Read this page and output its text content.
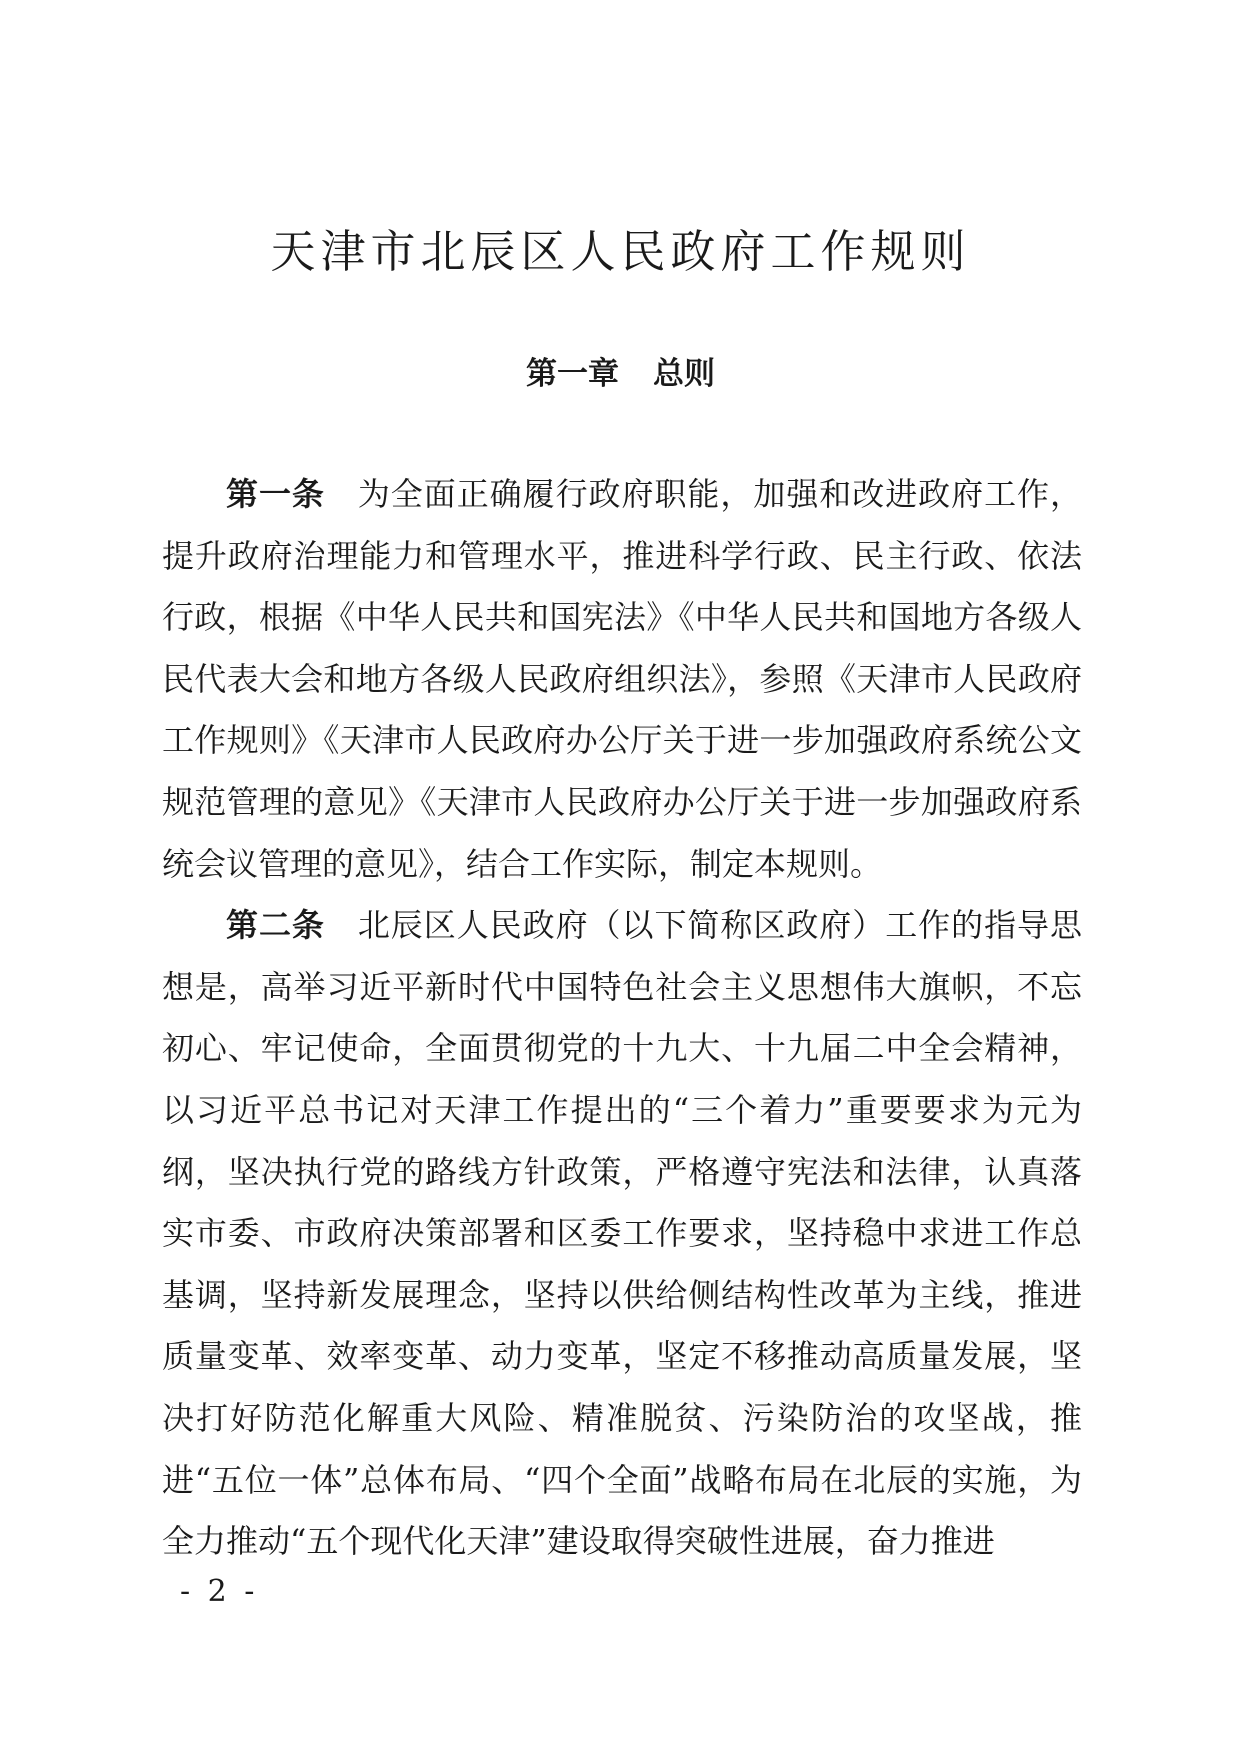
天津市北辰区人民政府工作规则
第一章 总则

第一条 为全面正确履行政府职能，加强和改进政府工作，提升政府治理能力和管理水平，推进科学行政、民主行政、依法行政，根据《中华人民共和国宪法》《中华人民共和国地方各级人民代表大会和地方各级人民政府组织法》，参照《天津市人民政府工作规则》《天津市人民政府办公厅关于进一步加强政府系统公文规范管理的意见》《天津市人民政府办公厅关于进一步加强政府系统会议管理的意见》，结合工作实际，制定本规则。

第二条 北辰区人民政府（以下简称区政府）工作的指导思想是，高举习近平新时代中国特色社会主义思想伟大旗帜，不忘初心、牢记使命，全面贯彻党的十九大、十九届二中全会精神，以习近平总书记对天津工作提出的“三个着力”重要要求为元为纲，坚决执行党的路线方针政策，严格遵守宪法和法律，认真落实市委、市政府决策部署和区委工作要求，坚持稳中求进工作总基调，坚持新发展理念，坚持以供给侧结构性改革为主线，推进质量变革、效率变革、动力变革，坚定不移推动高质量发展，坚决打好防范化解重大风险、精准脱贫、污染防治的攻坚战，推进“五位一体”总体布局、“四个全面”战略布局在北辰的实施，为全力推动“五个现代化天津”建设取得突破性进展，奋力推进

- 2 -
